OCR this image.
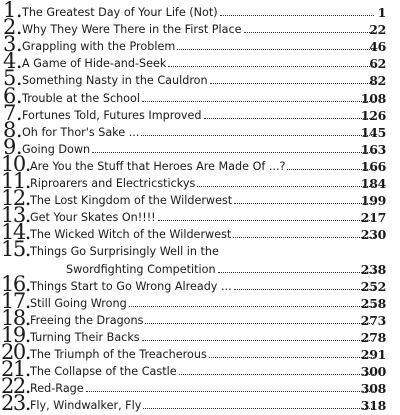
1. The Greatest Day of Your Life (Not)	1
2. Why They Were There in the First Place	22
3. Grappling with the Problem	46
4. A Game of Hide-and-Seek	62
5. Something Nasty in the Cauldron	82
6. Trouble at the School	108
7. Fortunes Told, Futures Improved	126
8. Oh for Thor's Sake ...	145
9. Going Down	163
10. Are You the Stuff that Heroes Are Made Of ...?	166
11. Riproarers and Electricstickys	184
12. The Lost Kingdom of the Wilderwest	199
13. Get Your Skates On!!!!	217
14. The Wicked Witch of the Wilderwest	230
15. Things Go Surprisingly Well in the
Swordfighting Competition	238
16. Things Start to Go Wrong Already ...	252
17. Still Going Wrong	258
18. Freeing the Dragons	273
19. Turning Their Backs	278
20. The Triumph of the Treacherous	291
21. The Collapse of the Castle	300
22. Red-Rage	308
23. Fly, Windwalker, Fly	318
